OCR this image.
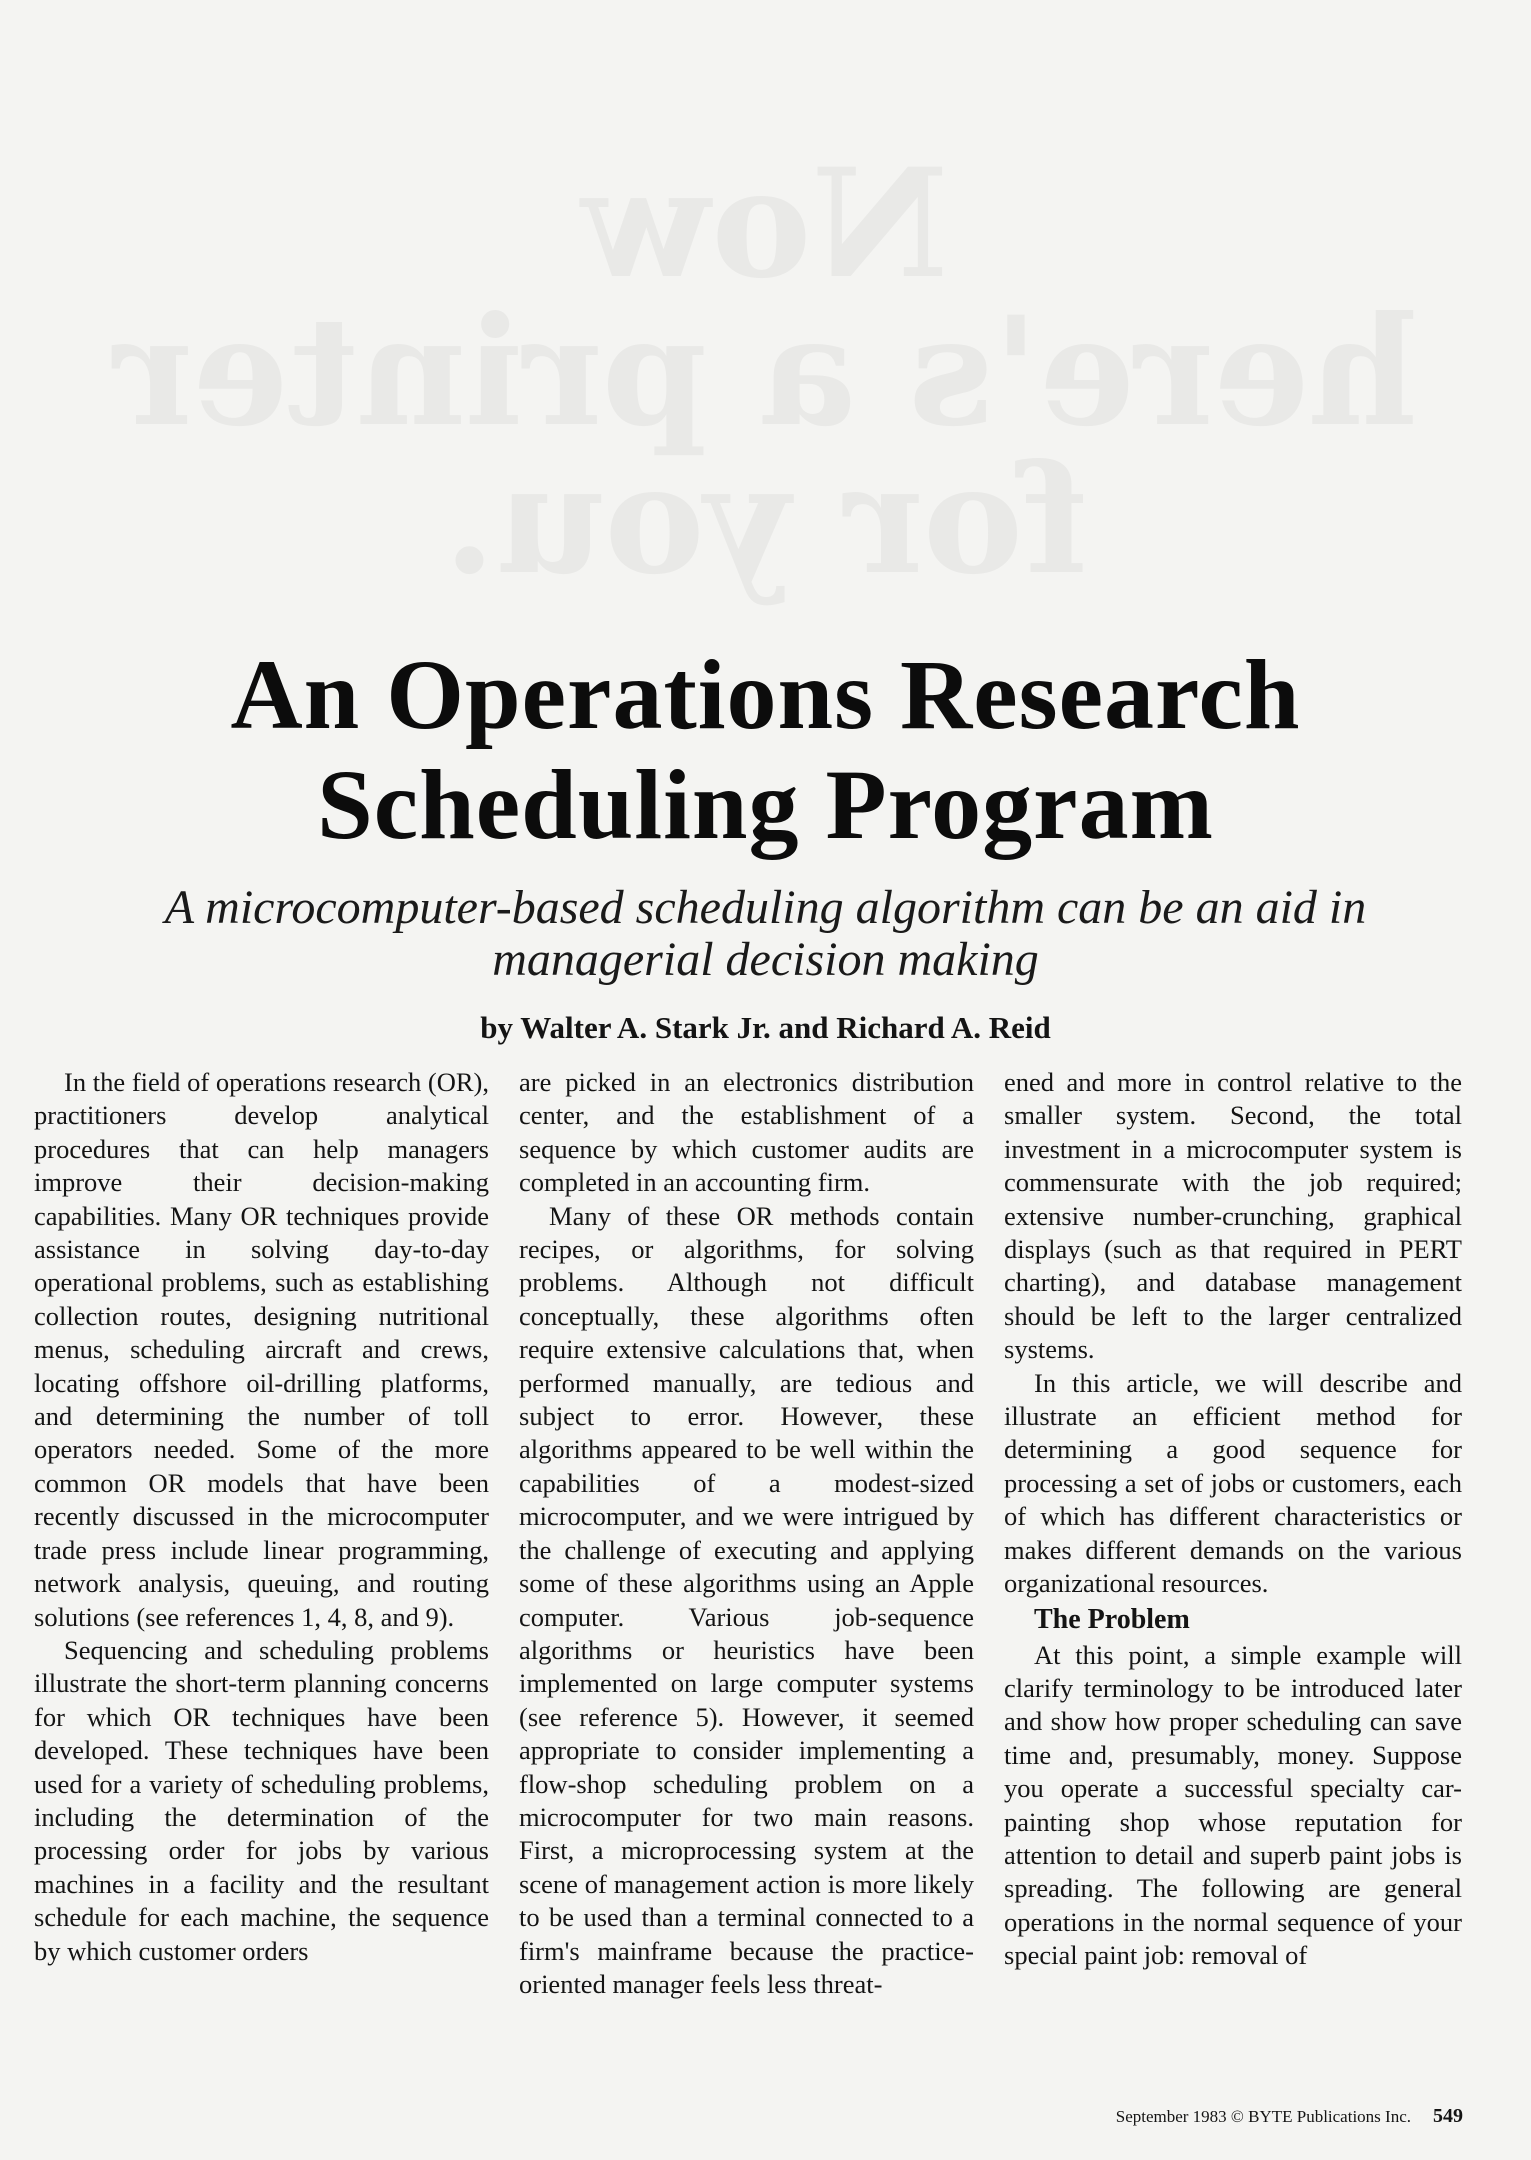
Now
here's a printer
for you.
An Operations Research
Scheduling Program
A microcomputer-based scheduling algorithm can be an aid in managerial decision making
by Walter A. Stark Jr. and Richard A. Reid

In the field of operations research (OR), practitioners develop analytical procedures that can help managers improve their decision-making capabilities. Many OR techniques provide assistance in solving day-to-day operational problems, such as establishing collection routes, designing nutritional menus, scheduling aircraft and crews, locating offshore oil-drilling platforms, and determining the number of toll operators needed. Some of the more common OR models that have been recently discussed in the microcomputer trade press include linear programming, network analysis, queuing, and routing solutions (see references 1, 4, 8, and 9).

Sequencing and scheduling problems illustrate the short-term planning concerns for which OR techniques have been developed. These techniques have been used for a variety of scheduling problems, including the determination of the processing order for jobs by various machines in a facility and the resultant schedule for each machine, the sequence by which customer orders

are picked in an electronics distribution center, and the establishment of a sequence by which customer audits are completed in an accounting firm.

Many of these OR methods contain recipes, or algorithms, for solving problems. Although not difficult conceptually, these algorithms often require extensive calculations that, when performed manually, are tedious and subject to error. However, these algorithms appeared to be well within the capabilities of a modest-sized microcomputer, and we were intrigued by the challenge of executing and applying some of these algorithms using an Apple computer. Various job-sequence algorithms or heuristics have been implemented on large computer systems (see reference 5). However, it seemed appropriate to consider implementing a flow-shop scheduling problem on a microcomputer for two main reasons. First, a microprocessing system at the scene of management action is more likely to be used than a terminal connected to a firm's mainframe because the practice-oriented manager feels less threat-

ened and more in control relative to the smaller system. Second, the total investment in a microcomputer system is commensurate with the job required; extensive number-crunching, graphical displays (such as that required in PERT charting), and database management should be left to the larger centralized systems.

In this article, we will describe and illustrate an efficient method for determining a good sequence for processing a set of jobs or customers, each of which has different characteristics or makes different demands on the various organizational resources.

The Problem

At this point, a simple example will clarify terminology to be introduced later and show how proper scheduling can save time and, presumably, money. Suppose you operate a successful specialty car-painting shop whose reputation for attention to detail and superb paint jobs is spreading. The following are general operations in the normal sequence of your special paint job: removal of

September 1983 © BYTE Publications Inc. 549
